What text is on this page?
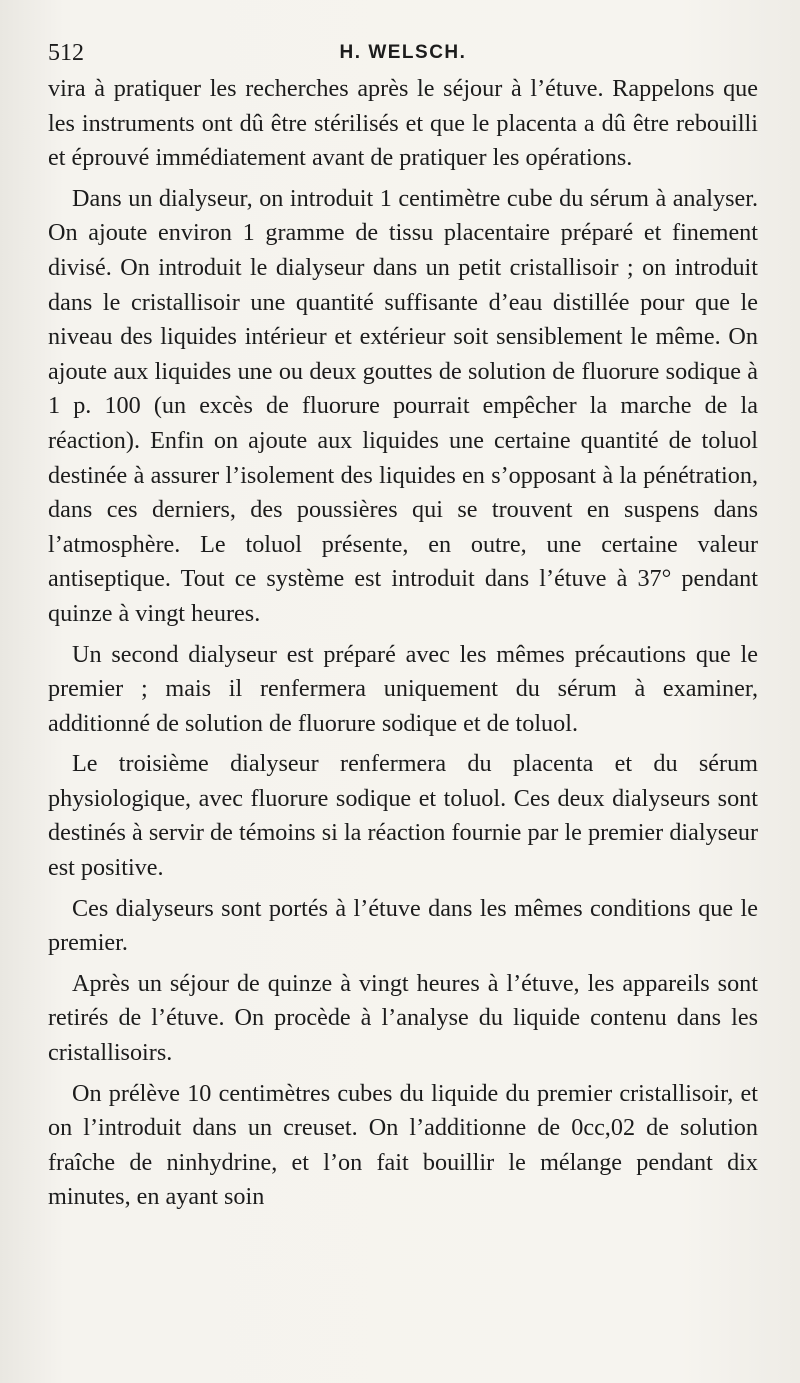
512	H. WELSCH.

vira à pratiquer les recherches après le séjour à l’étuve. Rappelons que les instruments ont dû être stérilisés et que le placenta a dû être rebouilli et éprouvé immédiatement avant de pratiquer les opérations.

Dans un dialyseur, on introduit 1 centimètre cube du sérum à analyser. On ajoute environ 1 gramme de tissu placentaire préparé et finement divisé. On introduit le dialyseur dans un petit cristallisoir ; on introduit dans le cristallisoir une quantité suffisante d’eau distillée pour que le niveau des liquides intérieur et extérieur soit sensiblement le même. On ajoute aux liquides une ou deux gouttes de solution de fluorure sodique à 1 p. 100 (un excès de fluorure pourrait empêcher la marche de la réaction). Enfin on ajoute aux liquides une certaine quantité de toluol destinée à assurer l’isolement des liquides en s’opposant à la pénétration, dans ces derniers, des poussières qui se trouvent en suspens dans l’atmosphère. Le toluol présente, en outre, une certaine valeur antiseptique. Tout ce système est introduit dans l’étuve à 37° pendant quinze à vingt heures.

Un second dialyseur est préparé avec les mêmes précautions que le premier ; mais il renfermera uniquement du sérum à examiner, additionné de solution de fluorure sodique et de toluol.

Le troisième dialyseur renfermera du placenta et du sérum physiologique, avec fluorure sodique et toluol. Ces deux dialyseurs sont destinés à servir de témoins si la réaction fournie par le premier dialyseur est positive.

Ces dialyseurs sont portés à l’étuve dans les mêmes conditions que le premier.

Après un séjour de quinze à vingt heures à l’étuve, les appareils sont retirés de l’étuve. On procède à l’analyse du liquide contenu dans les cristallisoirs.

On prélève 10 centimètres cubes du liquide du premier cristallisoir, et on l’introduit dans un creuset. On l’additionne de 0cc,02 de solution fraîche de ninhydrine, et l’on fait bouillir le mélange pendant dix minutes, en ayant soin
